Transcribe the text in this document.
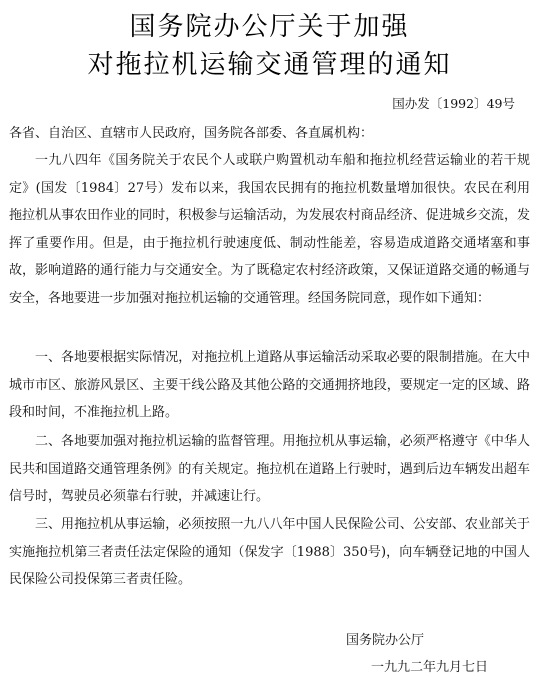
国务院办公厅关于加强
对拖拉机运输交通管理的通知
国办发〔1992〕49号
各省、自治区、直辖市人民政府，国务院各部委、各直属机构：

一九八四年《国务院关于农民个人或联户购置机动车船和拖拉机经营运输业的若干规定》(国发〔1984〕27号）发布以来，我国农民拥有的拖拉机数量增加很快。农民在利用拖拉机从事农田作业的同时，积极参与运输活动，为发展农村商品经济、促进城乡交流，发挥了重要作用。但是，由于拖拉机行驶速度低、制动性能差，容易造成道路交通堵塞和事故，影响道路的通行能力与交通安全。为了既稳定农村经济政策，又保证道路交通的畅通与安全，各地要进一步加强对拖拉机运输的交通管理。经国务院同意，现作如下通知：

一、各地要根据实际情况，对拖拉机上道路从事运输活动采取必要的限制措施。在大中城市市区、旅游风景区、主要干线公路及其他公路的交通拥挤地段，要规定一定的区域、路段和时间，不准拖拉机上路。

二、各地要加强对拖拉机运输的监督管理。用拖拉机从事运输，必须严格遵守《中华人民共和国道路交通管理条例》的有关规定。拖拉机在道路上行驶时，遇到后边车辆发出超车信号时，驾驶员必须靠右行驶，并减速让行。

三、用拖拉机从事运输，必须按照一九八八年中国人民保险公司、公安部、农业部关于实施拖拉机第三者责任法定保险的通知（保发字〔1988〕350号)，向车辆登记地的中国人民保险公司投保第三者责任险。

国务院办公厅
一九九二年九月七日
